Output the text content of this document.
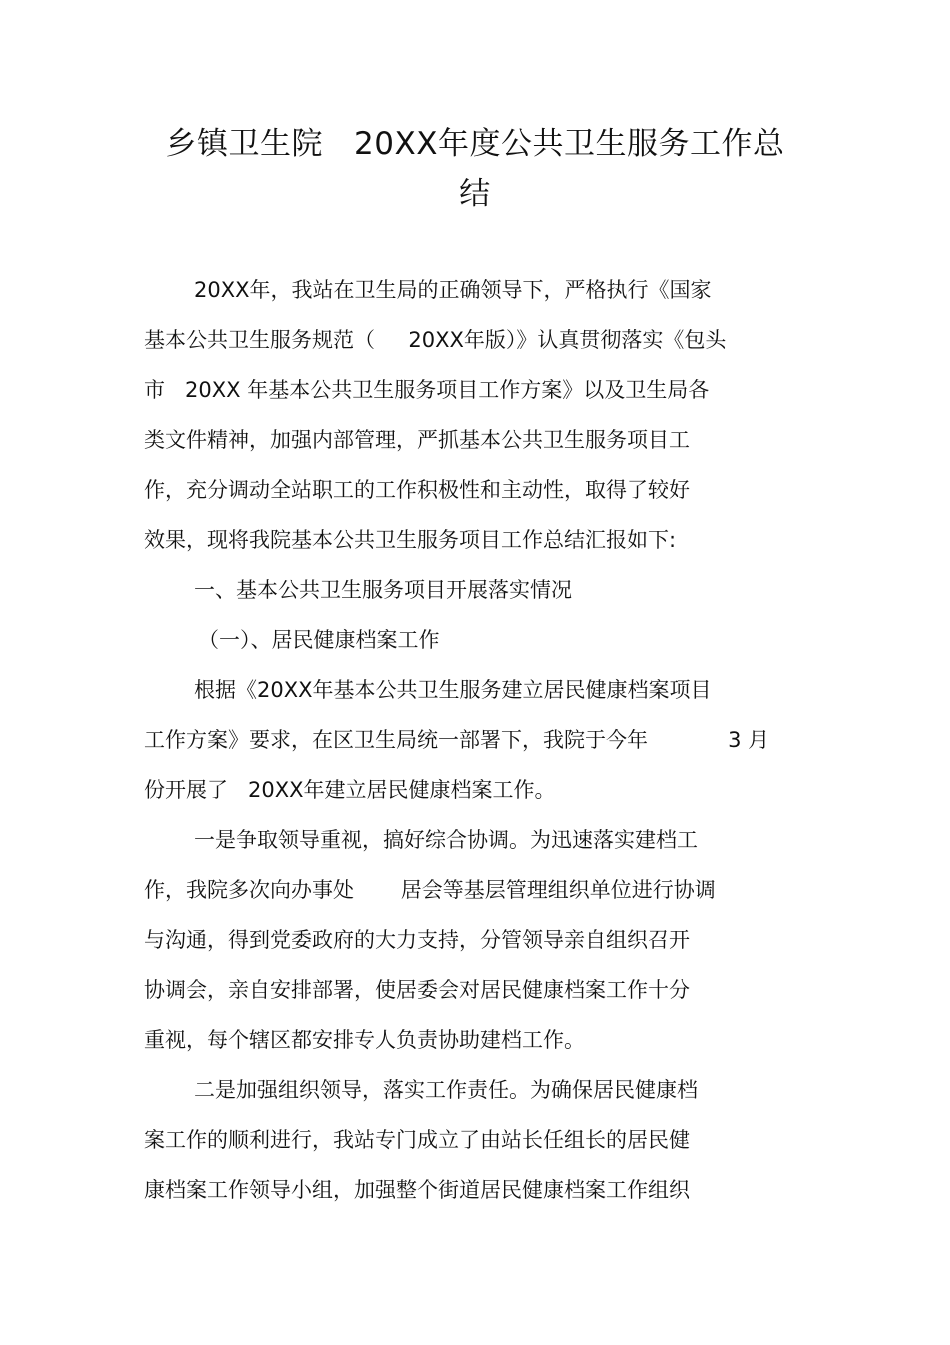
乡镇卫生院   20XX年度公共卫生服务工作总
结
20XX年，我站在卫生局的正确领导下，严格执行《国家
基本公共卫生服务规范（     20XX年版）》认真贯彻落实《包头
市   20XX 年基本公共卫生服务项目工作方案》以及卫生局各
类文件精神，加强内部管理，严抓基本公共卫生服务项目工
作，充分调动全站职工的工作积极性和主动性，取得了较好
效果，现将我院基本公共卫生服务项目工作总结汇报如下:
一、基本公共卫生服务项目开展落实情况
（一）、居民健康档案工作
根据《20XX年基本公共卫生服务建立居民健康档案项目
工作方案》要求，在区卫生局统一部署下，我院于今年            3 月
份开展了   20XX年建立居民健康档案工作。
一是争取领导重视，搞好综合协调。为迅速落实建档工
作，我院多次向办事处       居会等基层管理组织单位进行协调
与沟通，得到党委政府的大力支持，分管领导亲自组织召开
协调会，亲自安排部署，使居委会对居民健康档案工作十分
重视，每个辖区都安排专人负责协助建档工作。
二是加强组织领导，落实工作责任。为确保居民健康档
案工作的顺利进行，我站专门成立了由站长任组长的居民健
康档案工作领导小组，加强整个街道居民健康档案工作组织
